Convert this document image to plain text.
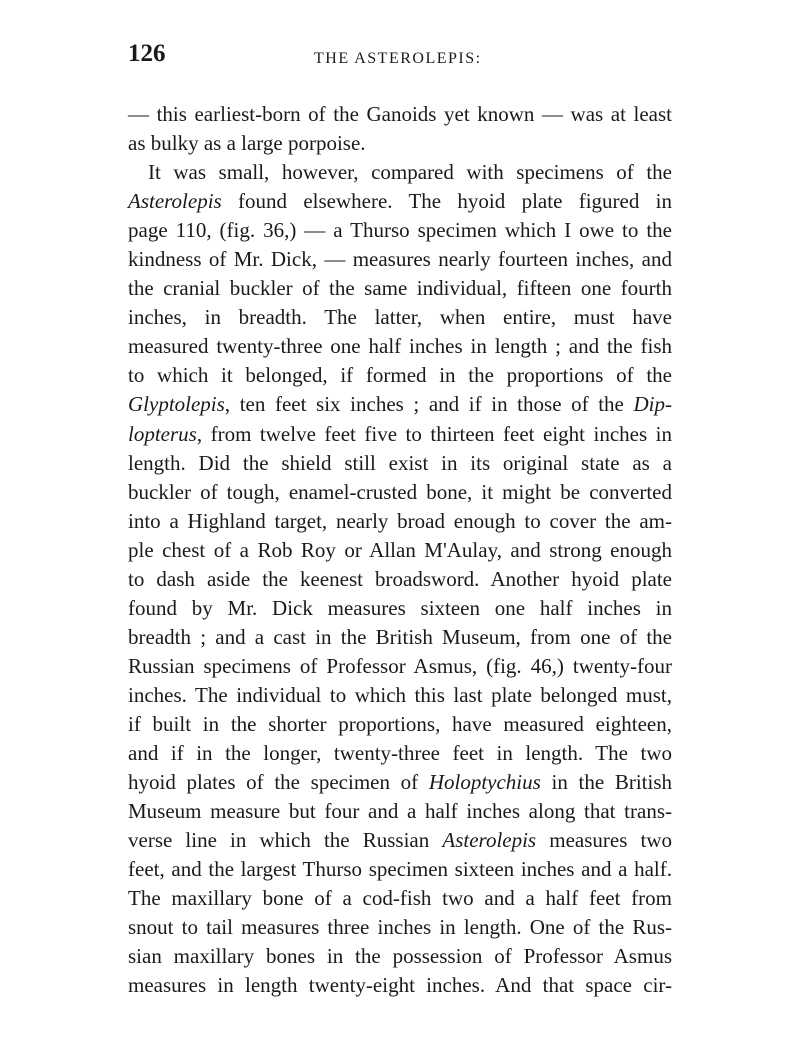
126	THE ASTEROLEPIS:
— this earliest-born of the Ganoids yet known — was at least
as bulky as a large porpoise.
It was small, however, compared with specimens of the
Asterolepis found elsewhere. The hyoid plate figured in
page 110, (fig. 36,) — a Thurso specimen which I owe to the
kindness of Mr. Dick, — measures nearly fourteen inches, and
the cranial buckler of the same individual, fifteen one fourth
inches, in breadth. The latter, when entire, must have
measured twenty-three one half inches in length ; and the fish
to which it belonged, if formed in the proportions of the
Glyptolepis, ten feet six inches ; and if in those of the Dip-
lopterus, from twelve feet five to thirteen feet eight inches in
length. Did the shield still exist in its original state as a
buckler of tough, enamel-crusted bone, it might be converted
into a Highland target, nearly broad enough to cover the am-
ple chest of a Rob Roy or Allan M'Aulay, and strong enough
to dash aside the keenest broadsword. Another hyoid plate
found by Mr. Dick measures sixteen one half inches in
breadth ; and a cast in the British Museum, from one of the
Russian specimens of Professor Asmus, (fig. 46,) twenty-four
inches. The individual to which this last plate belonged must,
if built in the shorter proportions, have measured eighteen,
and if in the longer, twenty-three feet in length. The two
hyoid plates of the specimen of Holoptychius in the British
Museum measure but four and a half inches along that trans-
verse line in which the Russian Asterolepis measures two
feet, and the largest Thurso specimen sixteen inches and a half.
The maxillary bone of a cod-fish two and a half feet from
snout to tail measures three inches in length. One of the Rus-
sian maxillary bones in the possession of Professor Asmus
measures in length twenty-eight inches. And that space cir-
